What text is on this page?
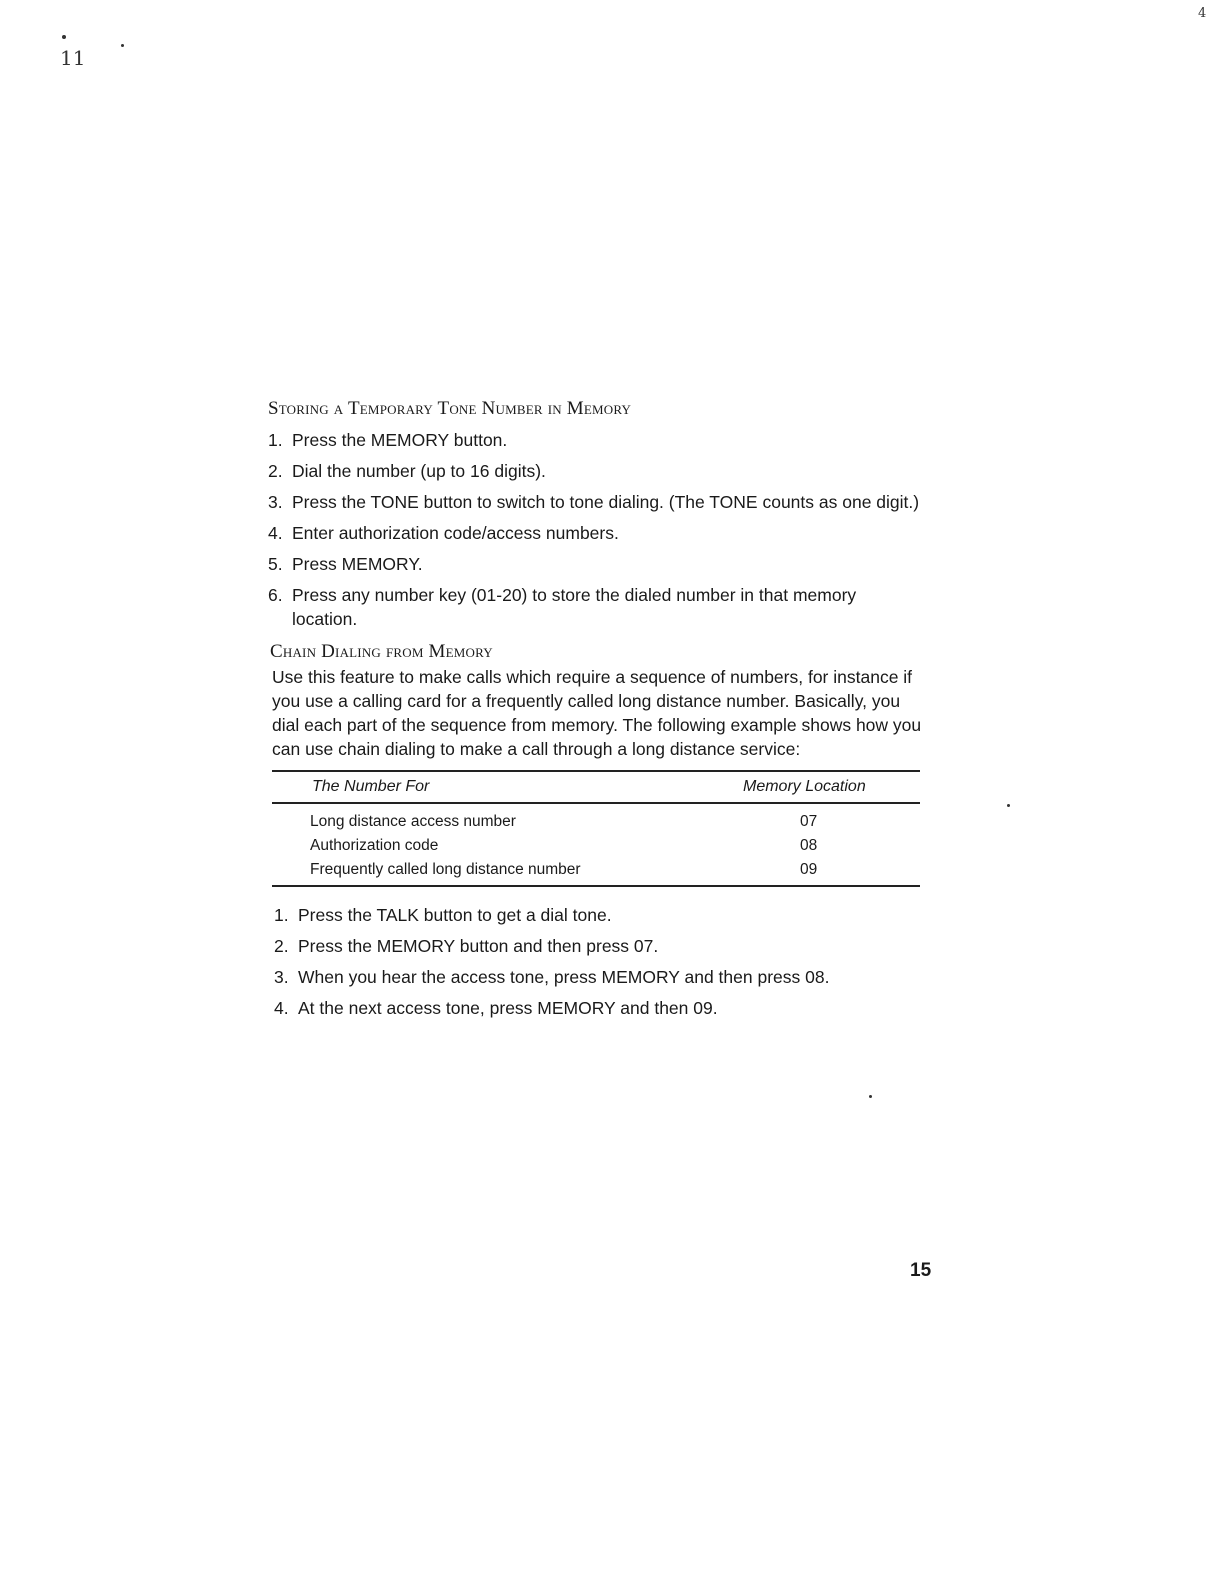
11
4
Storing a Temporary Tone Number in Memory
1. Press the MEMORY button.
2. Dial the number (up to 16 digits).
3. Press the TONE button to switch to tone dialing. (The TONE counts as one digit.)
4. Enter authorization code/access numbers.
5. Press MEMORY.
6. Press any number key (01-20) to store the dialed number in that memory location.
Chain Dialing from Memory

Use this feature to make calls which require a sequence of numbers, for instance if you use a calling card for a frequently called long distance number. Basically, you dial each part of the sequence from memory. The following example shows how you can use chain dialing to make a call through a long distance service:

The Number For	Memory Location
Long distance access number	07
Authorization code	08
Frequently called long distance number	09
1. Press the TALK button to get a dial tone.
2. Press the MEMORY button and then press 07.
3. When you hear the access tone, press MEMORY and then press 08.
4. At the next access tone, press MEMORY and then 09.
15
